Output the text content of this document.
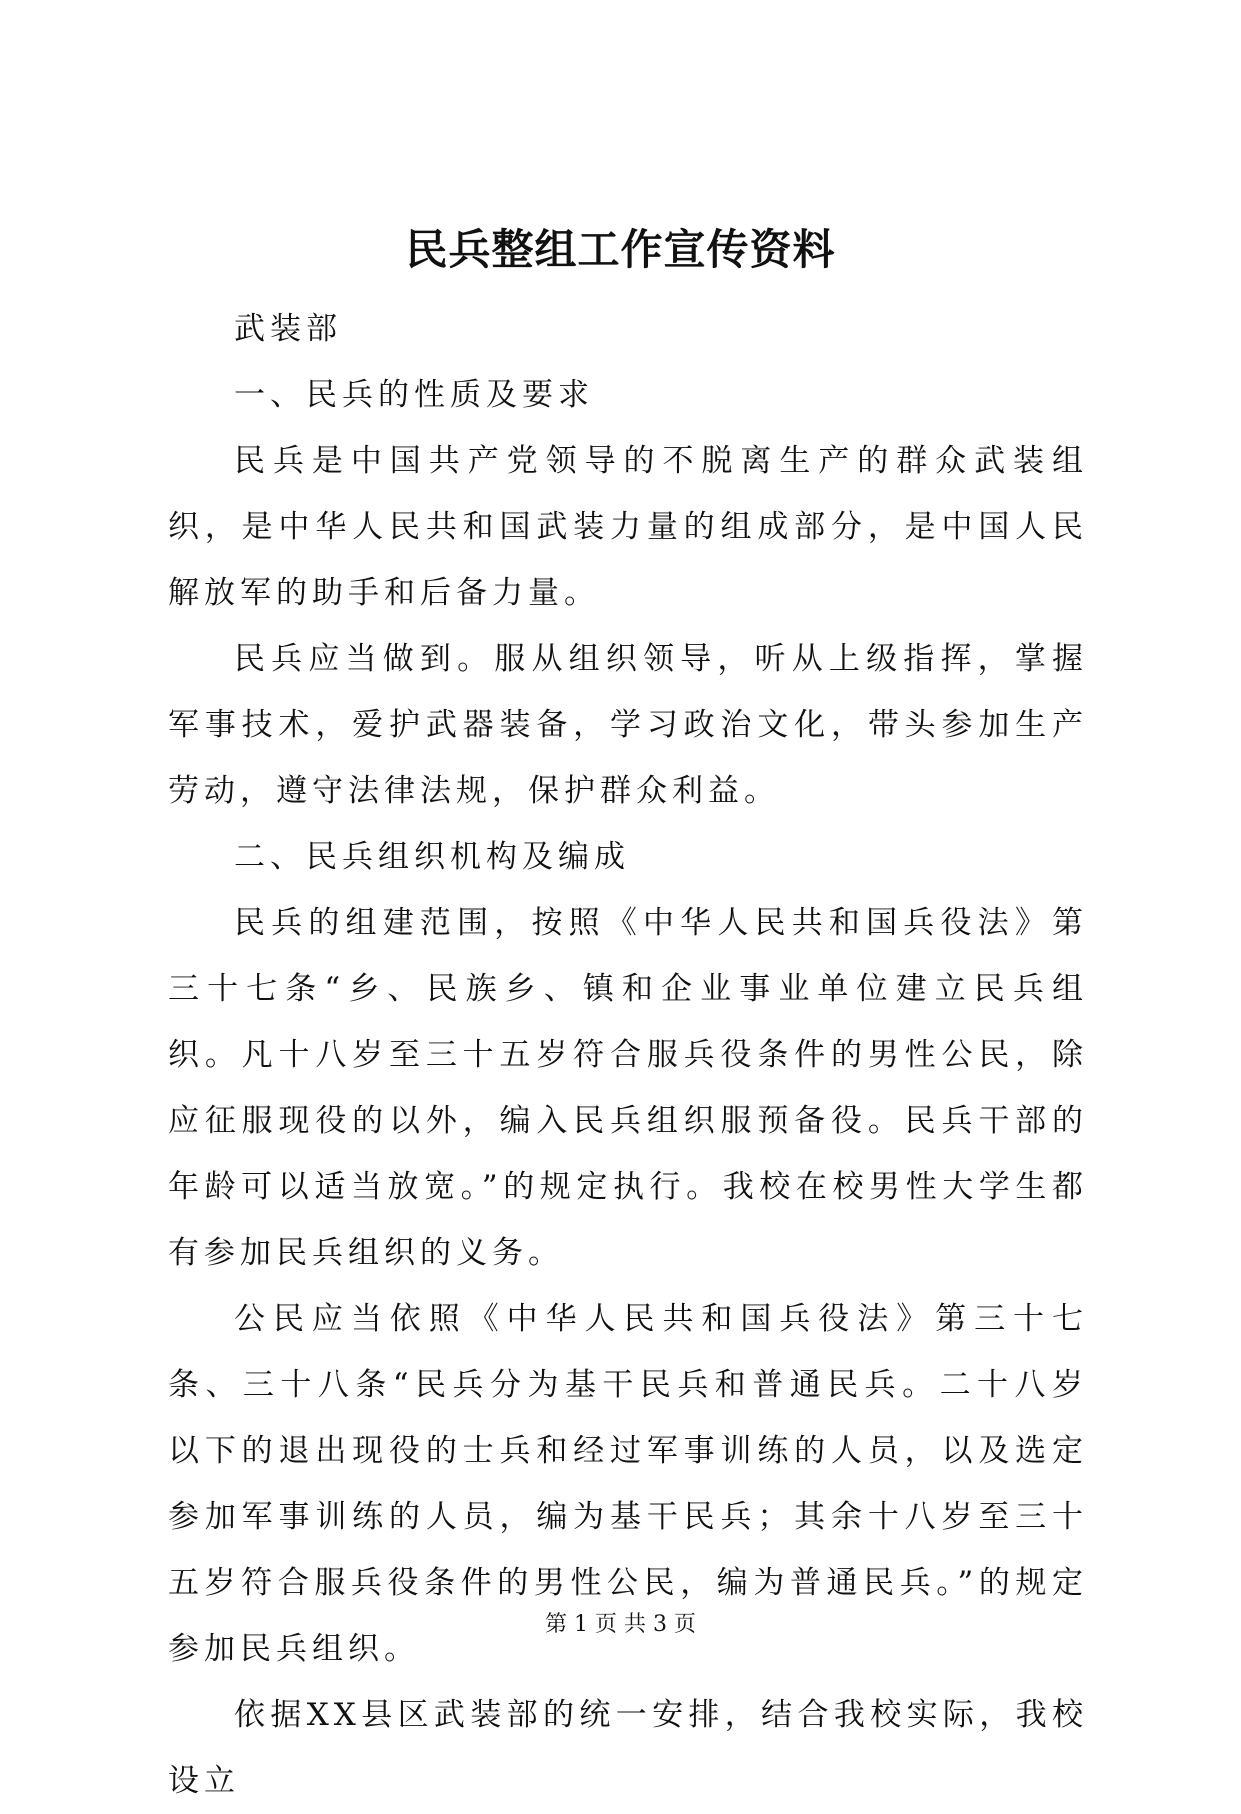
民兵整组工作宣传资料

武装部

一、民兵的性质及要求

民兵是中国共产党领导的不脱离生产的群众武装组织，是中华人民共和国武装力量的组成部分，是中国人民解放军的助手和后备力量。

民兵应当做到。服从组织领导，听从上级指挥，掌握军事技术，爱护武器装备，学习政治文化，带头参加生产劳动，遵守法律法规，保护群众利益。

二、民兵组织机构及编成

民兵的组建范围，按照《中华人民共和国兵役法》第三十七条“乡、民族乡、镇和企业事业单位建立民兵组织。凡十八岁至三十五岁符合服兵役条件的男性公民，除应征服现役的以外，编入民兵组织服预备役。民兵干部的年龄可以适当放宽。”的规定执行。我校在校男性大学生都有参加民兵组织的义务。

公民应当依照《中华人民共和国兵役法》第三十七条、三十八条“民兵分为基干民兵和普通民兵。二十八岁以下的退出现役的士兵和经过军事训练的人员，以及选定参加军事训练的人员，编为基干民兵；其余十八岁至三十五岁符合服兵役条件的男性公民，编为普通民兵。”的规定参加民兵组织。

依据XX县区武装部的统一安排，结合我校实际，我校设立

第 1 页 共 3 页
